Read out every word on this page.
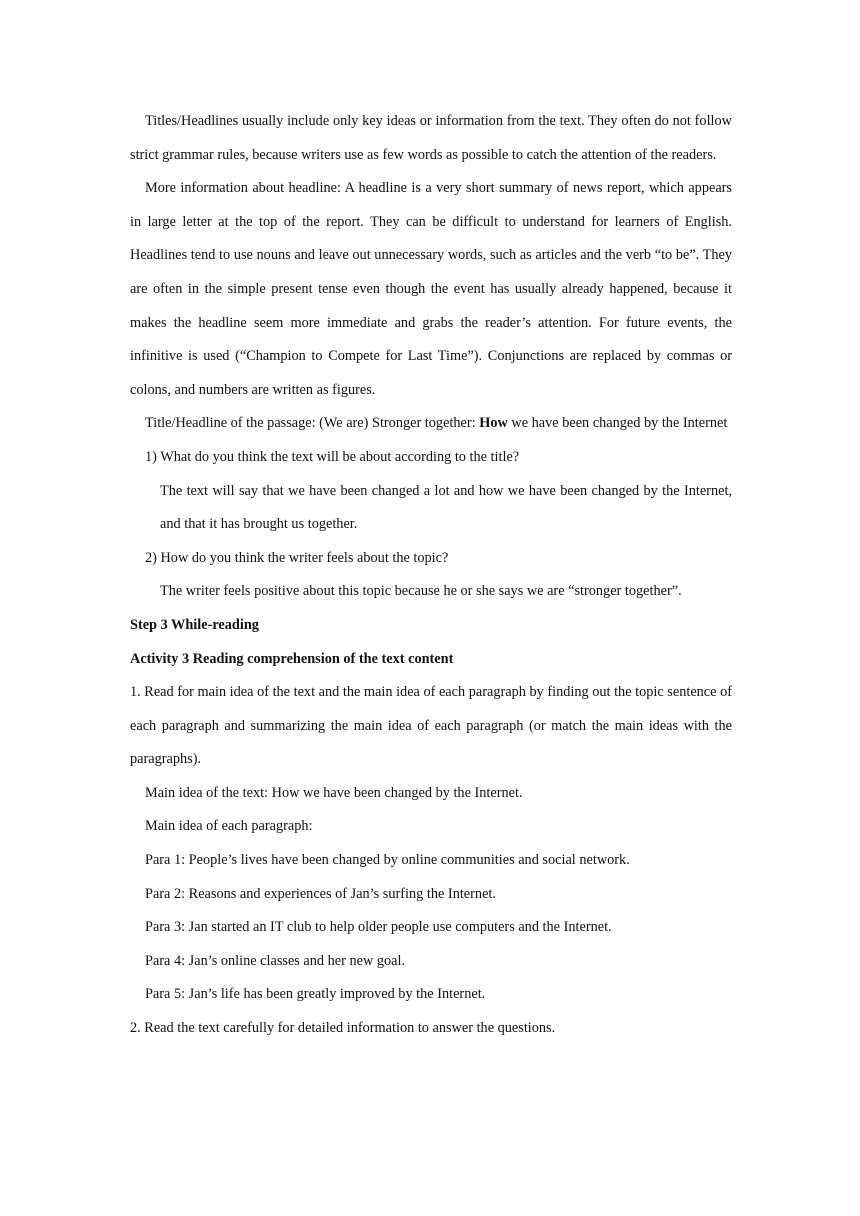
Titles/Headlines usually include only key ideas or information from the text. They often do not follow strict grammar rules, because writers use as few words as possible to catch the attention of the readers.

More information about headline: A headline is a very short summary of news report, which appears in large letter at the top of the report. They can be difficult to understand for learners of English. Headlines tend to use nouns and leave out unnecessary words, such as articles and the verb “to be”. They are often in the simple present tense even though the event has usually already happened, because it makes the headline seem more immediate and grabs the reader’s attention. For future events, the infinitive is used (“Champion to Compete for Last Time”). Conjunctions are replaced by commas or colons, and numbers are written as figures.

Title/Headline of the passage: (We are) Stronger together: How we have been changed by the Internet

1) What do you think the text will be about according to the title?

The text will say that we have been changed a lot and how we have been changed by the Internet, and that it has brought us together.

2) How do you think the writer feels about the topic?

The writer feels positive about this topic because he or she says we are “stronger together”.

Step 3 While-reading

Activity 3 Reading comprehension of the text content

1. Read for main idea of the text and the main idea of each paragraph by finding out the topic sentence of each paragraph and summarizing the main idea of each paragraph (or match the main ideas with the paragraphs).

Main idea of the text: How we have been changed by the Internet.

Main idea of each paragraph:

Para 1: People’s lives have been changed by online communities and social network.

Para 2: Reasons and experiences of Jan’s surfing the Internet.

Para 3: Jan started an IT club to help older people use computers and the Internet.

Para 4: Jan’s online classes and her new goal.

Para 5: Jan’s life has been greatly improved by the Internet.

2. Read the text carefully for detailed information to answer the questions.
